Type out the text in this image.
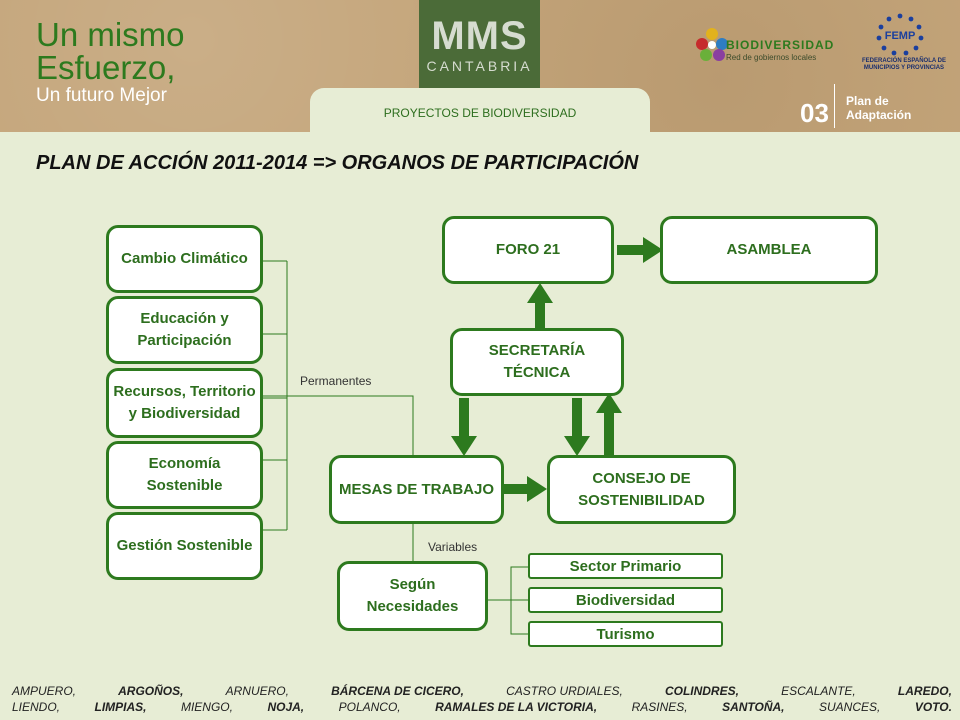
Un mismo
Esfuerzo,
Un futuro Mejor
MMS
CANTABRIA
PROYECTOS DE BIODIVERSIDAD
BIODIVERSIDAD
Red de gobiernos locales
FEMP
FEDERACIÓN ESPAÑOLA DE MUNICIPIOS Y PROVINCIAS
03 Plan de Adaptación
PLAN DE ACCIÓN 2011-2014 => ORGANOS DE PARTICIPACIÓN
Permanentes
Variables
Cambio Climático
Educación y Participación
Recursos, Territorio y Biodiversidad
Economía Sostenible
Gestión Sostenible
FORO 21	ASAMBLEA
SECRETARÍA TÉCNICA
MESAS DE TRABAJO
CONSEJO DE SOSTENIBILIDAD
Según Necesidades
Sector Primario
Biodiversidad
Turismo
AMPUERO,	ARGOÑOS,	ARNUERO,	BÁRCENA DE CICERO,	CASTRO URDIALES,	COLINDRES,	ESCALANTE,	LAREDO,
LIENDO,	LIMPIAS,	MIENGO,	NOJA,	POLANCO,	RAMALES DE LA VICTORIA,	RASINES,	SANTOÑA,	SUANCES,	VOTO.
